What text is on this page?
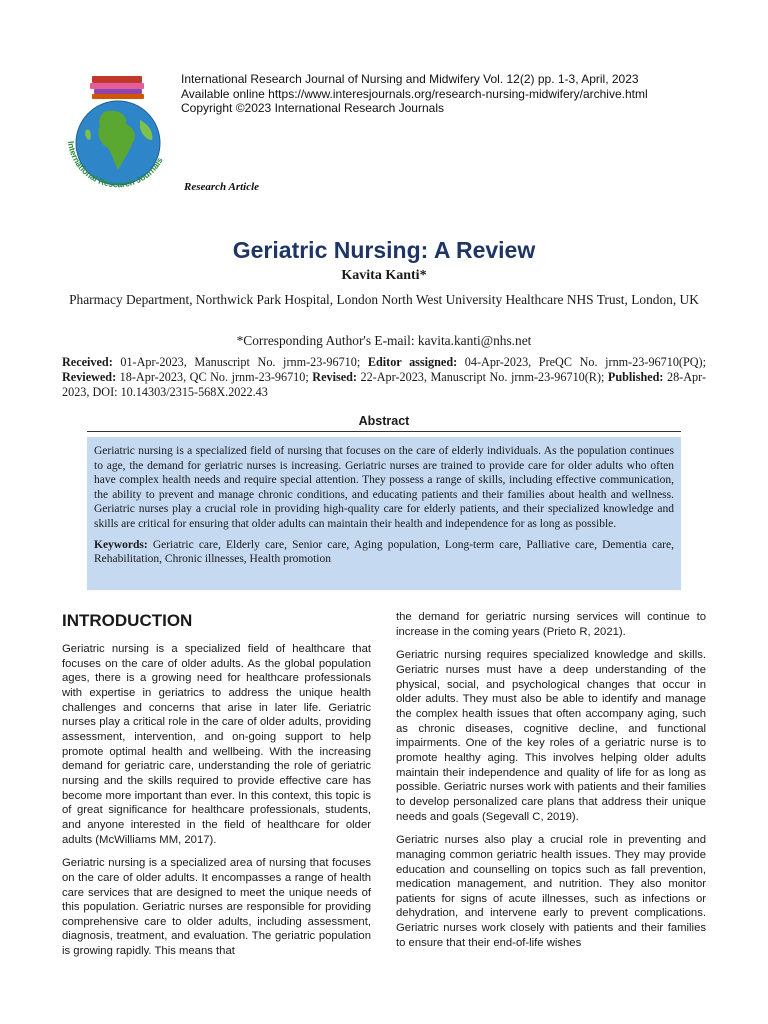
International Research Journals
International Research Journal of Nursing and Midwifery Vol. 12(2) pp. 1-3, April, 2023
Available online https://www.interesjournals.org/research-nursing-midwifery/archive.html
Copyright ©2023 International Research Journals
Research Article
Geriatric Nursing: A Review
Kavita Kanti*
Pharmacy Department, Northwick Park Hospital, London North West University Healthcare NHS Trust, London, UK
*Corresponding Author's E-mail: kavita.kanti@nhs.net
Received: 01-Apr-2023, Manuscript No. jrnm-23-96710; Editor assigned: 04-Apr-2023, PreQC No. jrnm-23-96710(PQ); Reviewed: 18-Apr-2023, QC No. jrnm-23-96710; Revised: 22-Apr-2023, Manuscript No. jrnm-23-96710(R); Published: 28-Apr-2023, DOI: 10.14303/2315-568X.2022.43
Abstract

Geriatric nursing is a specialized field of nursing that focuses on the care of elderly individuals. As the population continues to age, the demand for geriatric nurses is increasing. Geriatric nurses are trained to provide care for older adults who often have complex health needs and require special attention. They possess a range of skills, including effective communication, the ability to prevent and manage chronic conditions, and educating patients and their families about health and wellness. Geriatric nurses play a crucial role in providing high-quality care for elderly patients, and their specialized knowledge and skills are critical for ensuring that older adults can maintain their health and independence for as long as possible.

Keywords: Geriatric care, Elderly care, Senior care, Aging population, Long-term care, Palliative care, Dementia care, Rehabilitation, Chronic illnesses, Health promotion

INTRODUCTION

Geriatric nursing is a specialized field of healthcare that focuses on the care of older adults. As the global population ages, there is a growing need for healthcare professionals with expertise in geriatrics to address the unique health challenges and concerns that arise in later life. Geriatric nurses play a critical role in the care of older adults, providing assessment, intervention, and on-going support to help promote optimal health and wellbeing. With the increasing demand for geriatric care, understanding the role of geriatric nursing and the skills required to provide effective care has become more important than ever. In this context, this topic is of great significance for healthcare professionals, students, and anyone interested in the field of healthcare for older adults (McWilliams MM, 2017).

Geriatric nursing is a specialized area of nursing that focuses on the care of older adults. It encompasses a range of health care services that are designed to meet the unique needs of this population. Geriatric nurses are responsible for providing comprehensive care to older adults, including assessment, diagnosis, treatment, and evaluation. The geriatric population is growing rapidly. This means that

the demand for geriatric nursing services will continue to increase in the coming years (Prieto R, 2021).

Geriatric nursing requires specialized knowledge and skills. Geriatric nurses must have a deep understanding of the physical, social, and psychological changes that occur in older adults. They must also be able to identify and manage the complex health issues that often accompany aging, such as chronic diseases, cognitive decline, and functional impairments. One of the key roles of a geriatric nurse is to promote healthy aging. This involves helping older adults maintain their independence and quality of life for as long as possible. Geriatric nurses work with patients and their families to develop personalized care plans that address their unique needs and goals (Segevall C, 2019).

Geriatric nurses also play a crucial role in preventing and managing common geriatric health issues. They may provide education and counselling on topics such as fall prevention, medication management, and nutrition. They also monitor patients for signs of acute illnesses, such as infections or dehydration, and intervene early to prevent complications. Geriatric nurses work closely with patients and their families to ensure that their end-of-life wishes
